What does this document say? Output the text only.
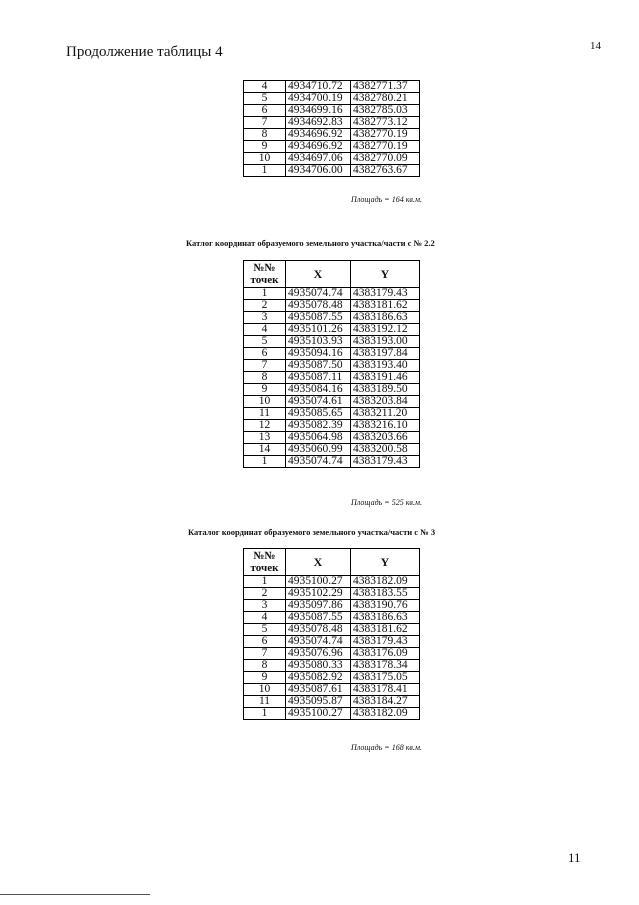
Продолжение таблицы 4	14
4	4934710.72	4382771.37
5	4934700.19	4382780.21
6	4934699.16	4382785.03
7	4934692.83	4382773.12
8	4934696.92	4382770.19
9	4934696.92	4382770.19
10	4934697.06	4382770.09
1	4934706.00	4382763.67
Площадь = 164 кв.м.
Катлог координат образуемого земельного участка/части с № 2.2
№№
точек	X	Y
1	4935074.74	4383179.43
2	4935078.48	4383181.62
3	4935087.55	4383186.63
4	4935101.26	4383192.12
5	4935103.93	4383193.00
6	4935094.16	4383197.84
7	4935087.50	4383193.40
8	4935087.11	4383191.46
9	4935084.16	4383189.50
10	4935074.61	4383203.84
11	4935085.65	4383211.20
12	4935082.39	4383216.10
13	4935064.98	4383203.66
14	4935060.99	4383200.58
1	4935074.74	4383179.43
Площадь = 525 кв.м.
Каталог координат образуемого земельного участка/части с № 3
№№
точек	X	Y
1	4935100.27	4383182.09
2	4935102.29	4383183.55
3	4935097.86	4383190.76
4	4935087.55	4383186.63
5	4935078.48	4383181.62
6	4935074.74	4383179.43
7	4935076.96	4383176.09
8	4935080.33	4383178.34
9	4935082.92	4383175.05
10	4935087.61	4383178.41
11	4935095.87	4383184.27
1	4935100.27	4383182.09
Площадь = 168 кв.м.
11
